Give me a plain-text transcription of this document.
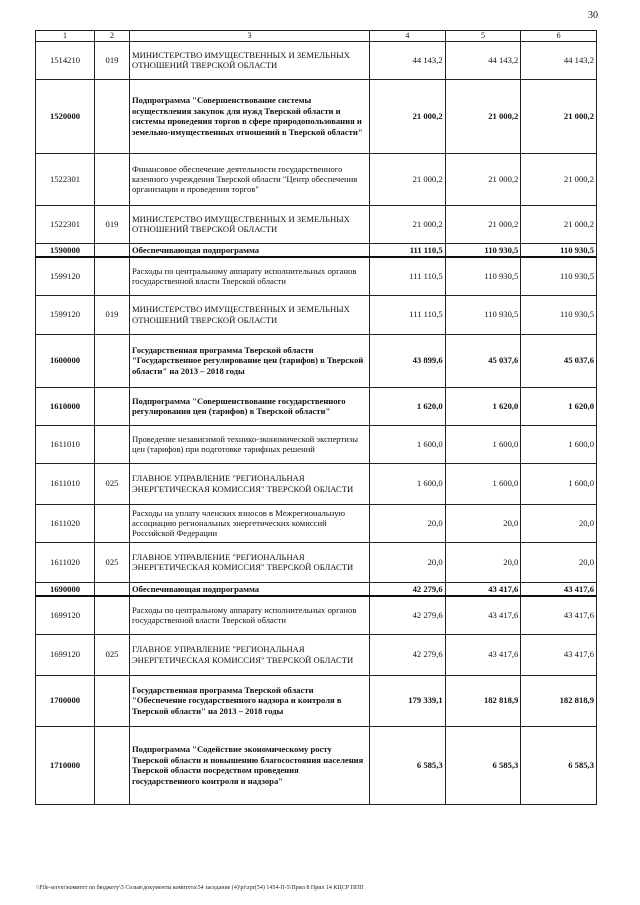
30
1	2	3	4	5	6
1514210	019	МИНИСТЕРСТВО ИМУЩЕСТВЕННЫХ И ЗЕМЕЛЬНЫХ ОТНОШЕНИЙ ТВЕРСКОЙ ОБЛАСТИ	44 143,2	44 143,2	44 143,2
1520000		Подпрограмма "Совершенствование системы осуществления закупок для нужд Тверской области и системы проведения торгов в сфере природопользования и земельно-имущественных отношений в Тверской области"	21 000,2	21 000,2	21 000,2
1522301		Финансовое обеспечение деятельности государственного казенного учреждения Тверской области "Центр обеспечения организации и проведения торгов"	21 000,2	21 000,2	21 000,2
1522301	019	МИНИСТЕРСТВО ИМУЩЕСТВЕННЫХ И ЗЕМЕЛЬНЫХ ОТНОШЕНИЙ ТВЕРСКОЙ ОБЛАСТИ	21 000,2	21 000,2	21 000,2
1590000		Обеспечивающая подпрограмма	111 110,5	110 930,5	110 930,5
1599120		Расходы по центральному аппарату исполнительных органов государственной власти Тверской области	111 110,5	110 930,5	110 930,5
1599120	019	МИНИСТЕРСТВО ИМУЩЕСТВЕННЫХ И ЗЕМЕЛЬНЫХ ОТНОШЕНИЙ ТВЕРСКОЙ ОБЛАСТИ	111 110,5	110 930,5	110 930,5
1600000		Государственная программа Тверской области "Государственное регулирование цен (тарифов) в Тверской области" на 2013 – 2018 годы	43 899,6	45 037,6	45 037,6
1610000		Подпрограмма "Совершенствование государственного регулирования цен (тарифов) в Тверской области"	1 620,0	1 620,0	1 620,0
1611010		Проведение независимой технико-экономической экспертизы цен (тарифов) при подготовке тарифных решений	1 600,0	1 600,0	1 600,0
1611010	025	ГЛАВНОЕ УПРАВЛЕНИЕ "РЕГИОНАЛЬНАЯ ЭНЕРГЕТИЧЕСКАЯ КОМИССИЯ" ТВЕРСКОЙ ОБЛАСТИ	1 600,0	1 600,0	1 600,0
1611020		Расходы на уплату членских взносов в Межрегиональную ассоциацию региональных энергетических комиссий Российской Федерации	20,0	20,0	20,0
1611020	025	ГЛАВНОЕ УПРАВЛЕНИЕ "РЕГИОНАЛЬНАЯ ЭНЕРГЕТИЧЕСКАЯ КОМИССИЯ" ТВЕРСКОЙ ОБЛАСТИ	20,0	20,0	20,0
1690000		Обеспечивающая подпрограмма	42 279,6	43 417,6	43 417,6
1699120		Расходы по центральному аппарату исполнительных органов государственной власти Тверской области	42 279,6	43 417,6	43 417,6
1699120	025	ГЛАВНОЕ УПРАВЛЕНИЕ "РЕГИОНАЛЬНАЯ ЭНЕРГЕТИЧЕСКАЯ КОМИССИЯ" ТВЕРСКОЙ ОБЛАСТИ	42 279,6	43 417,6	43 417,6
1700000		Государственная программа Тверской области "Обеспечение государственного надзора и контроля в Тверской области" на 2013 – 2018 годы	179 339,1	182 818,9	182 818,9
1710000		Подпрограмма "Содействие экономическому росту Тверской области и повышению благосостояния населения Тверской области посредством проведения государственного контроля и надзора"	6 585,3	6 585,3	6 585,3
\\File-server\комитет по бюджету\5 Созыв\документы комитета\54 заседание (4)\pr\zpr(54) 1454-П-5\Прил 8 Прил 14 КЦСР ППП
